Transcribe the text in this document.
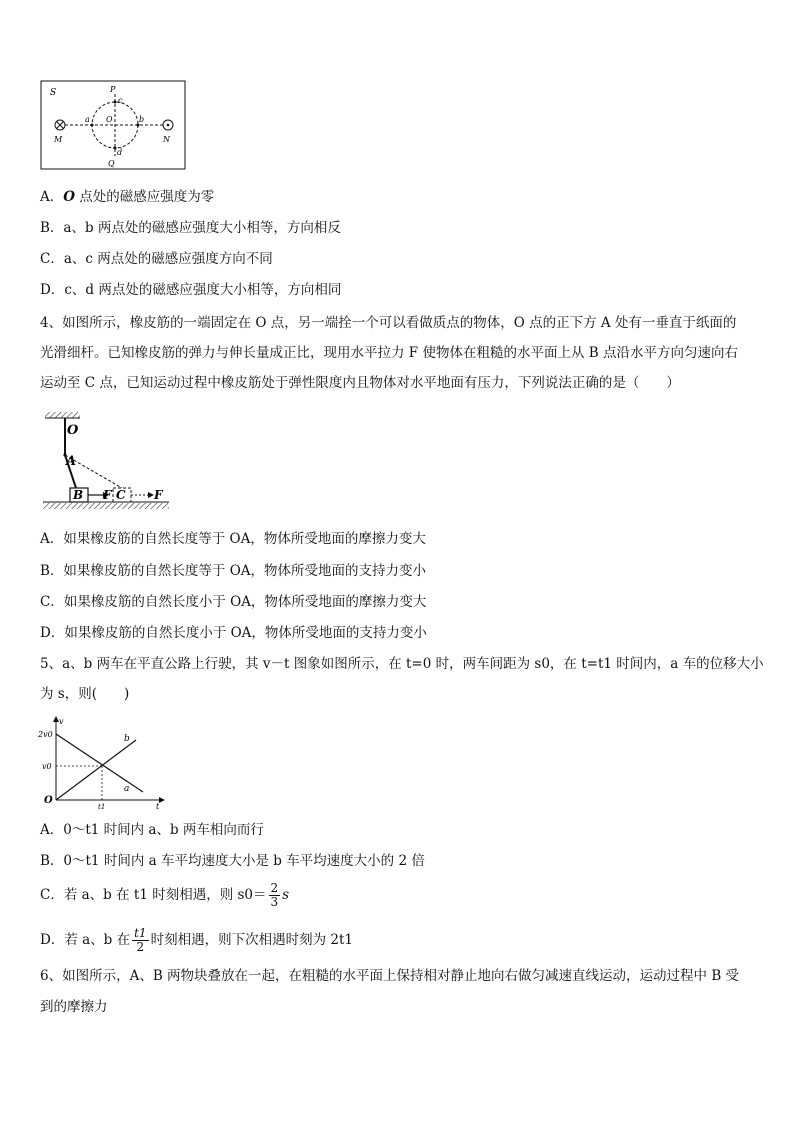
S	P
c
a O	b
d
M	N
Q
A．O 点处的磁感应强度为零
B．a、b 两点处的磁感应强度大小相等，方向相反
C．a、c 两点处的磁感应强度方向不同
D．c、d 两点处的磁感应强度大小相等，方向相同
4、如图所示，橡皮筋的一端固定在 O 点，另一端拴一个可以看做质点的物体，O 点的正下方 A 处有一垂直于纸面的
光滑细杆。已知橡皮筋的弹力与伸长量成正比，现用水平拉力 F 使物体在粗糙的水平面上从 B 点沿水平方向匀速向右
运动至 C 点，已知运动过程中橡皮筋处于弹性限度内且物体对水平地面有压力，下列说法正确的是（　　）
O
A
B F C F
A．如果橡皮筋的自然长度等于 OA，物体所受地面的摩擦力变大
B．如果橡皮筋的自然长度等于 OA，物体所受地面的支持力变小
C．如果橡皮筋的自然长度小于 OA，物体所受地面的摩擦力变大
D．如果橡皮筋的自然长度小于 OA，物体所受地面的支持力变小
5、a、b 两车在平直公路上行驶，其 v－t 图象如图所示，在 t=0 时，两车间距为 s0，在 t=t1 时间内，a 车的位移大小
为 s，则(　　)
v
2v0
v0
O
t1	t
a
b
A．0～t1 时间内 a、b 两车相向而行
B．0～t1 时间内 a 车平均速度大小是 b 车平均速度大小的 2 倍
C．若 a、b 在 t1 时刻相遇，则 $s0= \frac{2}{3}$ s
D．若 a、b 在 $\frac{t1}{2}$ 时刻相遇，则下次相遇时刻为 2t1
6、如图所示，A、B 两物块叠放在一起，在粗糙的水平面上保持相对静止地向右做匀减速直线运动，运动过程中 B 受
到的摩擦力
